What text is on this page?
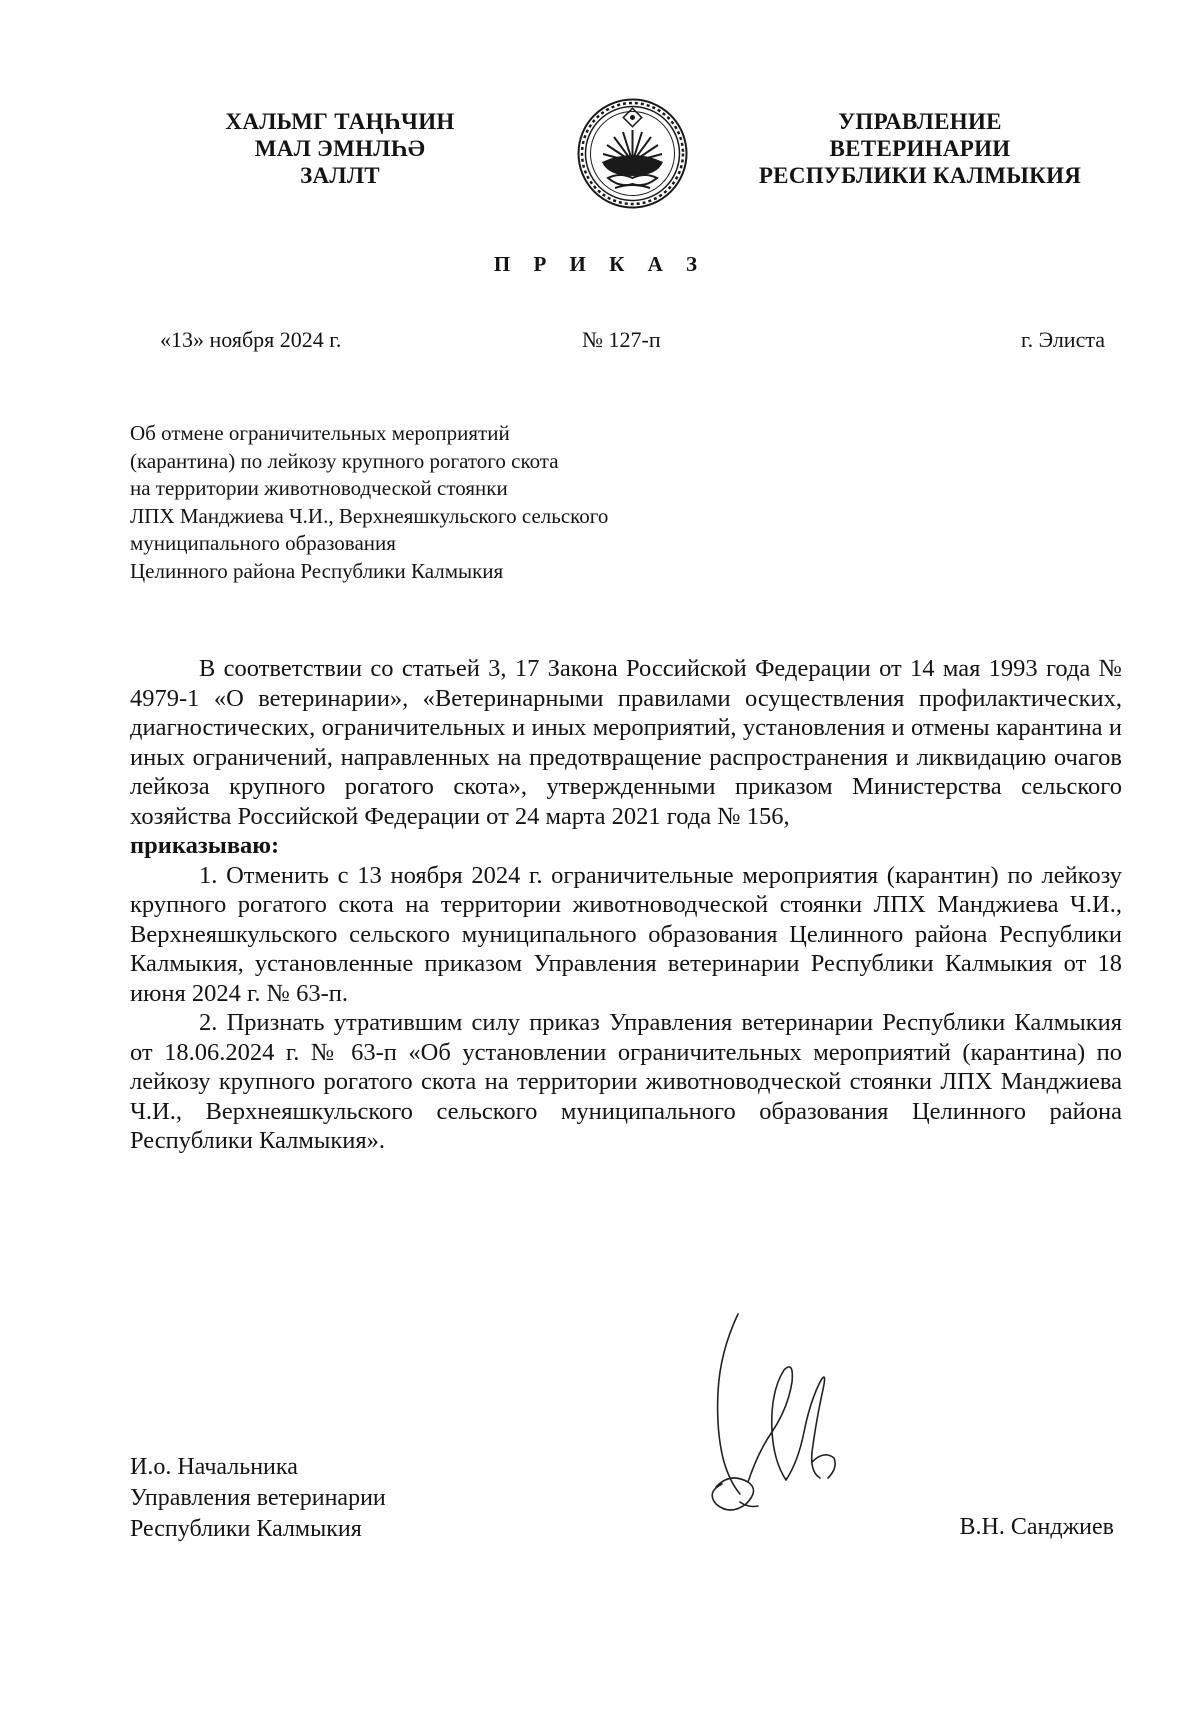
ХАЛЬМГ ТАҢҺЧИН
МАЛ ЭМНЛҺӘ
ЗАЛЛТ
УПРАВЛЕНИЕ
ВЕТЕРИНАРИИ
РЕСПУБЛИКИ КАЛМЫКИЯ
П Р И К А З
«13» ноября 2024 г.	№ 127-п	г. Элиста
Об отмене ограничительных мероприятий
(карантина) по лейкозу крупного рогатого скота
на территории животноводческой стоянки
ЛПХ Манджиева Ч.И., Верхнеяшкульского сельского
муниципального образования
Целинного района Республики Калмыкия

В соответствии со статьей 3, 17 Закона Российской Федерации от 14 мая 1993 года № 4979-1 «О ветеринарии», «Ветеринарными правилами осуществления профилактических, диагностических, ограничительных и иных мероприятий, установления и отмены карантина и иных ограничений, направленных на предотвращение распространения и ликвидацию очагов лейкоза крупного рогатого скота», утвержденными приказом Министерства сельского хозяйства Российской Федерации от 24 марта 2021 года № 156,

приказываю:

1. Отменить с 13 ноября 2024 г. ограничительные мероприятия (карантин) по лейкозу крупного рогатого скота на территории животноводческой стоянки ЛПХ Манджиева Ч.И., Верхнеяшкульского сельского муниципального образования Целинного района Республики Калмыкия, установленные приказом Управления ветеринарии Республики Калмыкия от 18 июня 2024 г. № 63-п.

2. Признать утратившим силу приказ Управления ветеринарии Республики Калмыкия от 18.06.2024 г. № 63-п «Об установлении ограничительных мероприятий (карантина) по лейкозу крупного рогатого скота на территории животноводческой стоянки ЛПХ Манджиева Ч.И., Верхнеяшкульского сельского муниципального образования Целинного района Республики Калмыкия».

И.о. Начальника
Управления ветеринарии
Республики Калмыкия	В.Н. Санджиев
